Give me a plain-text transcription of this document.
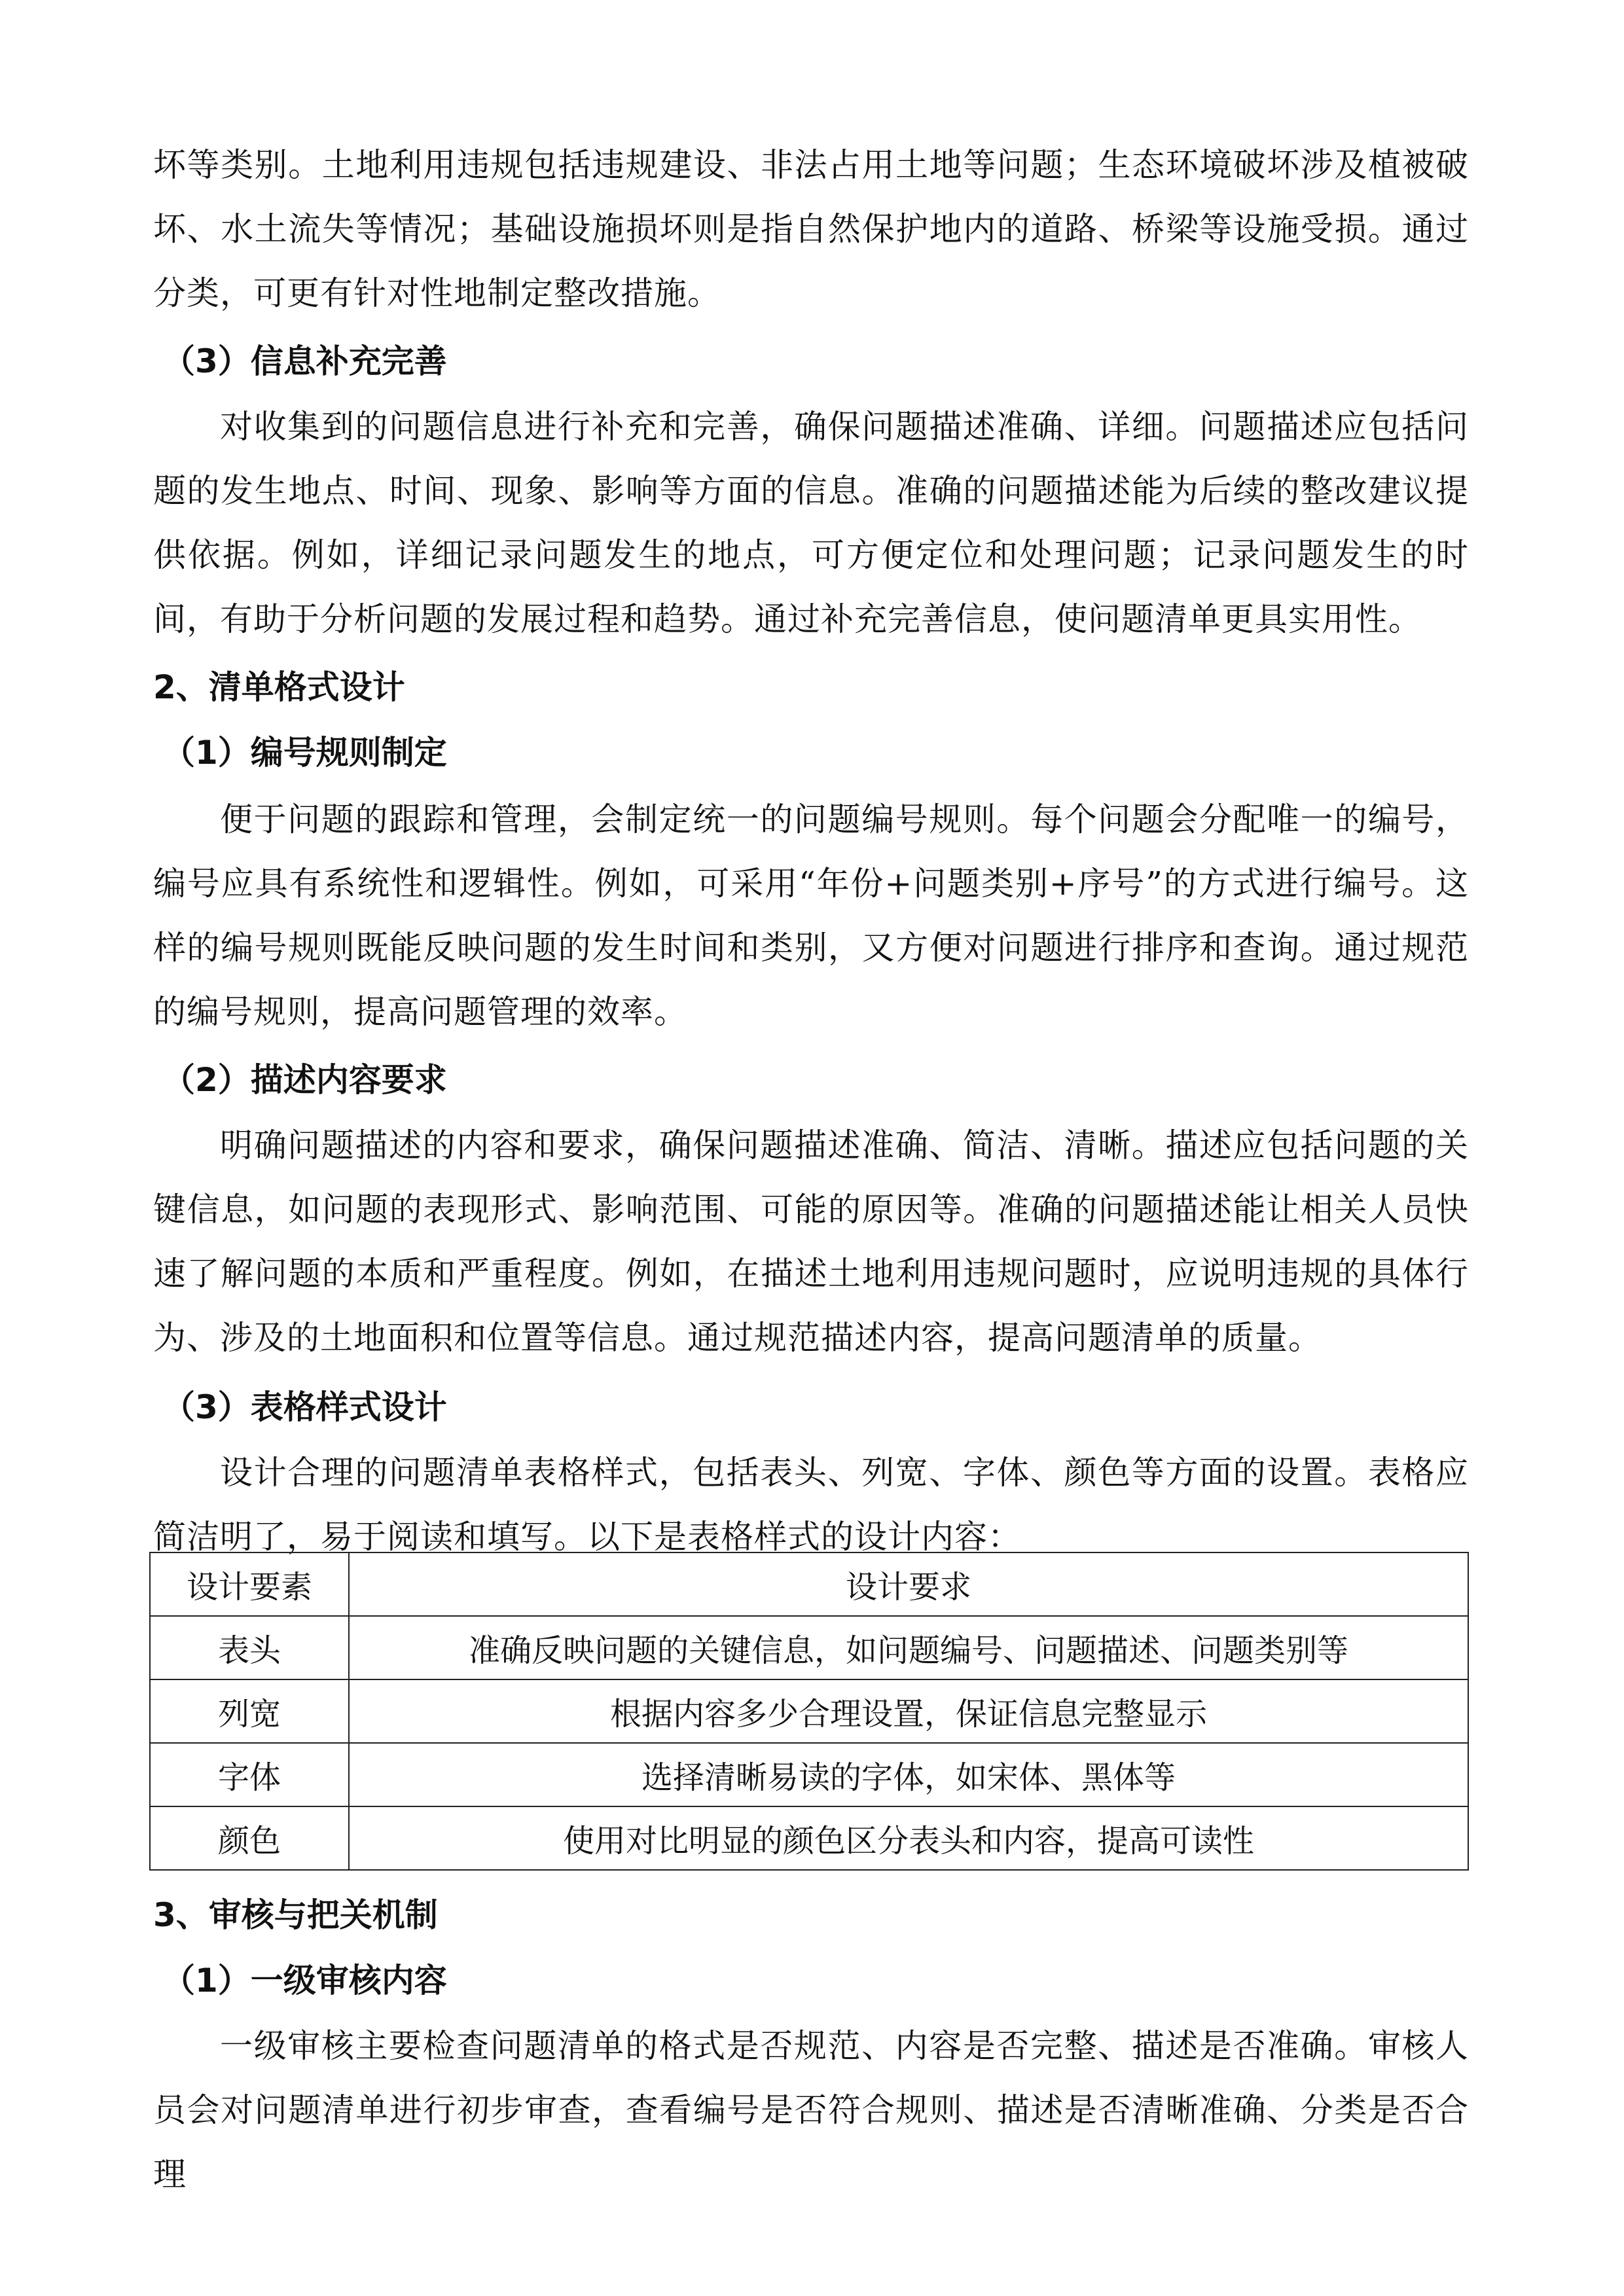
坏等类别。土地利用违规包括违规建设、非法占用土地等问题；生态环境破坏涉及植被破坏、水土流失等情况；基础设施损坏则是指自然保护地内的道路、桥梁等设施受损。通过分类，可更有针对性地制定整改措施。

（3）信息补充完善

对收集到的问题信息进行补充和完善，确保问题描述准确、详细。问题描述应包括问题的发生地点、时间、现象、影响等方面的信息。准确的问题描述能为后续的整改建议提供依据。例如，详细记录问题发生的地点，可方便定位和处理问题；记录问题发生的时间，有助于分析问题的发展过程和趋势。通过补充完善信息，使问题清单更具实用性。

2、清单格式设计

（1）编号规则制定

便于问题的跟踪和管理，会制定统一的问题编号规则。每个问题会分配唯一的编号，编号应具有系统性和逻辑性。例如，可采用“年份+问题类别+序号”的方式进行编号。这样的编号规则既能反映问题的发生时间和类别，又方便对问题进行排序和查询。通过规范的编号规则，提高问题管理的效率。

（2）描述内容要求

明确问题描述的内容和要求，确保问题描述准确、简洁、清晰。描述应包括问题的关键信息，如问题的表现形式、影响范围、可能的原因等。准确的问题描述能让相关人员快速了解问题的本质和严重程度。例如，在描述土地利用违规问题时，应说明违规的具体行为、涉及的土地面积和位置等信息。通过规范描述内容，提高问题清单的质量。

（3）表格样式设计

设计合理的问题清单表格样式，包括表头、列宽、字体、颜色等方面的设置。表格应简洁明了，易于阅读和填写。以下是表格样式的设计内容：

设计要素	设计要求
表头	准确反映问题的关键信息，如问题编号、问题描述、问题类别等
列宽	根据内容多少合理设置，保证信息完整显示
字体	选择清晰易读的字体，如宋体、黑体等
颜色	使用对比明显的颜色区分表头和内容，提高可读性

3、审核与把关机制

（1）一级审核内容

一级审核主要检查问题清单的格式是否规范、内容是否完整、描述是否准确。审核人员会对问题清单进行初步审查，查看编号是否符合规则、描述是否清晰准确、分类是否合理
